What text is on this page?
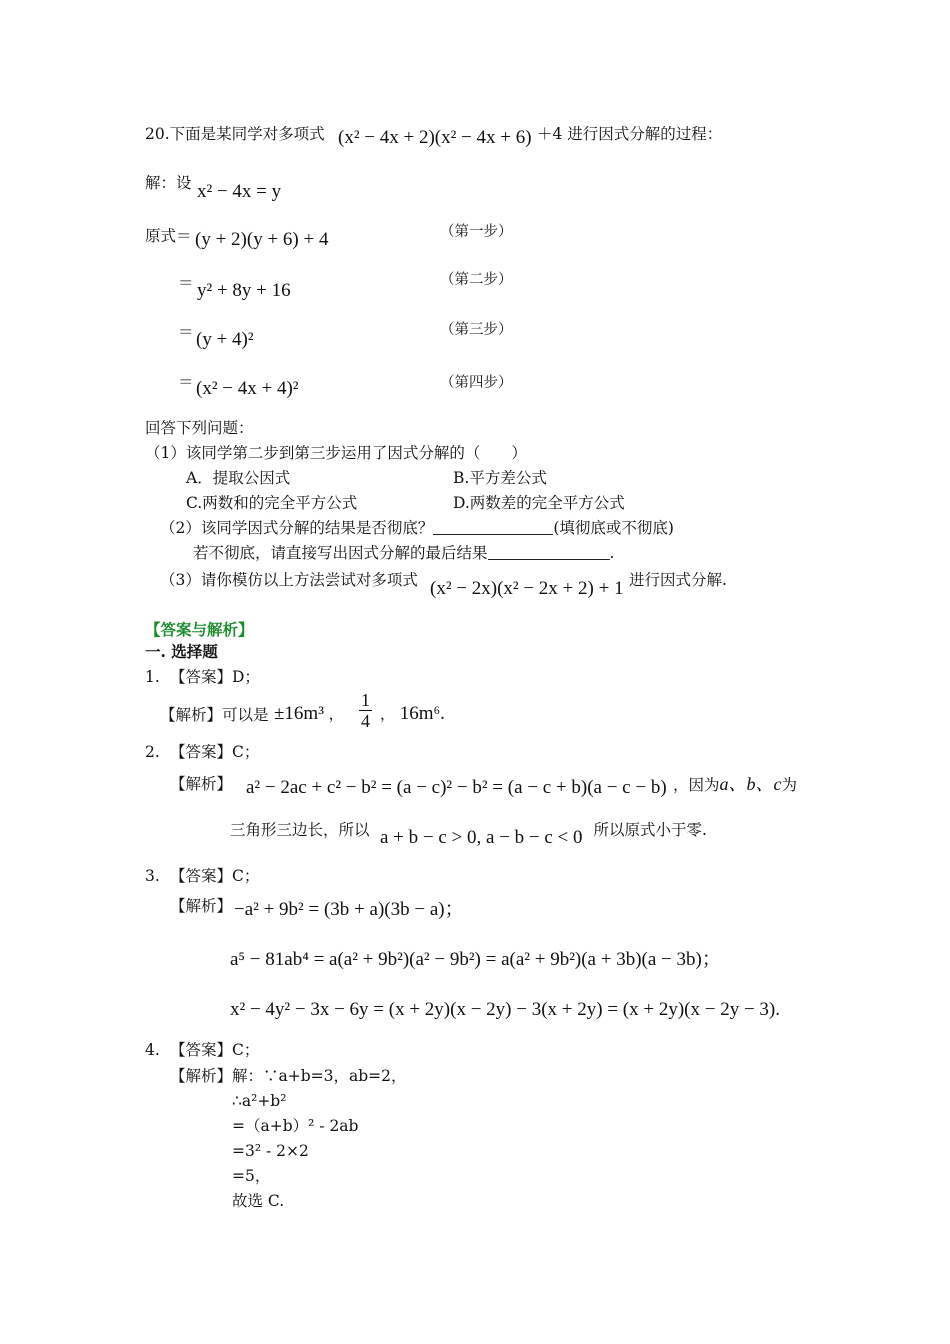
20.下面是某同学对多项式 (x² − 4x + 2)(x² − 4x + 6) ＋4 进行因式分解的过程：
解：设 x² − 4x = y
原式＝ (y + 2)(y + 6) + 4	（第一步）
＝ y² + 8y + 16	（第二步）
＝ (y + 4)²	（第三步）
＝ (x² − 4x + 4)²	（第四步）
回答下列问题：
（1）该同学第二步到第三步运用了因式分解的（　　）
A．提取公因式	B.平方差公式
C.两数和的完全平方公式	D.两数差的完全平方公式
（2）该同学因式分解的结果是否彻底？	(填彻底或不彻底)
若不彻底，请直接写出因式分解的最后结果	.
（3）请你模仿以上方法尝试对多项式 (x² − 2x)(x² − 2x + 2) + 1 进行因式分解.
【答案与解析】
一. 选择题
1. 【答案】D；
【解析】可以是 ±16m³ ， $\frac{1}{4}$ ， 16m⁶.
2. 【答案】C；
【解析】 a² − 2ac + c² − b² = (a − c)² − b² = (a − c + b)(a − c − b) ，因为a、b、c为
三角形三边长，所以 a + b − c > 0, a − b − c < 0
，所以原式小于零.
3. 【答案】C；
【解析】 −a² + 9b² = (3b + a)(3b − a)；
a⁵ − 81ab⁴ = a(a² + 9b²)(a² − 9b²) = a(a² + 9b²)(a + 3b)(a − 3b)；
x² − 4y² − 3x − 6y = (x + 2y)(x − 2y) − 3(x + 2y) = (x + 2y)(x − 2y − 3).
4. 【答案】C；
【解析】解：∵a+b=3，ab=2，
∴a²+b²
=（a+b）² - 2ab
=3² - 2×2
=5，
故选 C.
